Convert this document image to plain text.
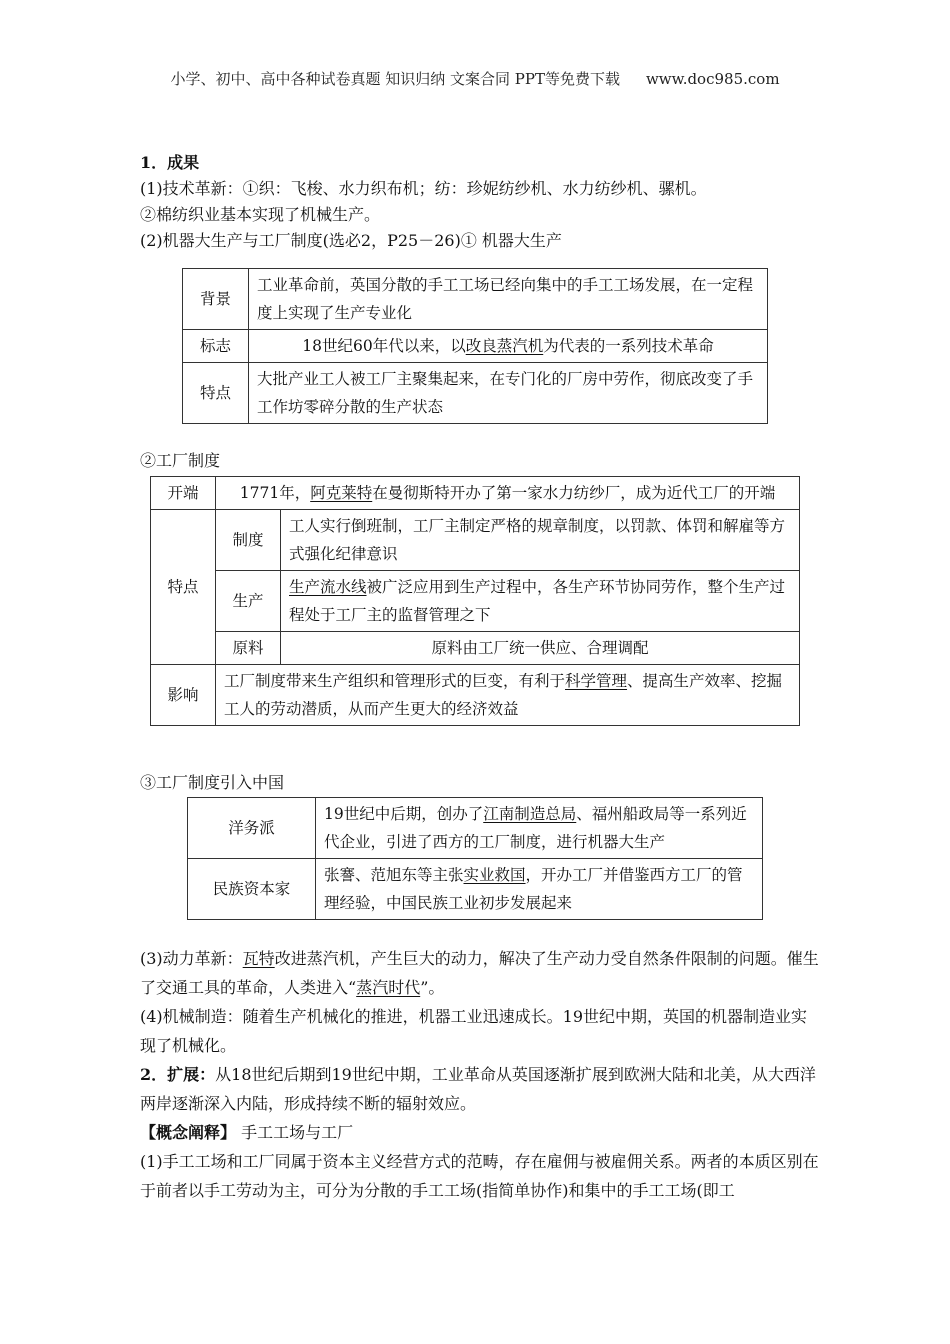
小学、初中、高中各种试卷真题 知识归纳 文案合同 PPT等免费下载 www.doc985.com
1．成果
(1)技术革新：①织：飞梭、水力织布机；纺：珍妮纺纱机、水力纺纱机、骡机。
②棉纺织业基本实现了机械生产。
(2)机器大生产与工厂制度(选必2，P25－26)① 机器大生产
背景	工业革命前，英国分散的手工工场已经向集中的手工工场发展，在一定程度上实现了生产专业化
标志	18世纪60年代以来，以改良蒸汽机为代表的一系列技术革命
特点	大批产业工人被工厂主聚集起来，在专门化的厂房中劳作，彻底改变了手工作坊零碎分散的生产状态
②工厂制度
开端	1771年，阿克莱特在曼彻斯特开办了第一家水力纺纱厂，成为近代工厂的开端	
特点	制度	工人实行倒班制，工厂主制定严格的规章制度，以罚款、体罚和解雇等方式强化纪律意识
	生产	生产流水线被广泛应用到生产过程中，各生产环节协同劳作，整个生产过程处于工厂主的监督管理之下
	原料	原料由工厂统一供应、合理调配
影响	工厂制度带来生产组织和管理形式的巨变，有利于科学管理、提高生产效率、挖掘工人的劳动潜质，从而产生更大的经济效益	
③工厂制度引入中国
洋务派	19世纪中后期，创办了江南制造总局、福州船政局等一系列近代企业，引进了西方的工厂制度，进行机器大生产
民族资本家	张謇、范旭东等主张实业救国，开办工厂并借鉴西方工厂的管理经验，中国民族工业初步发展起来
(3)动力革新：瓦特改进蒸汽机，产生巨大的动力，解决了生产动力受自然条件限制的问题。催生了交通工具的革命，人类进入“蒸汽时代”。
(4)机械制造：随着生产机械化的推进，机器工业迅速成长。19世纪中期，英国的机器制造业实现了机械化。
2．扩展：从18世纪后期到19世纪中期，工业革命从英国逐渐扩展到欧洲大陆和北美，从大西洋两岸逐渐深入内陆，形成持续不断的辐射效应。
【概念阐释】 手工工场与工厂
(1)手工工场和工厂同属于资本主义经营方式的范畴，存在雇佣与被雇佣关系。两者的本质区别在于前者以手工劳动为主，可分为分散的手工工场(指简单协作)和集中的手工工场(即工
